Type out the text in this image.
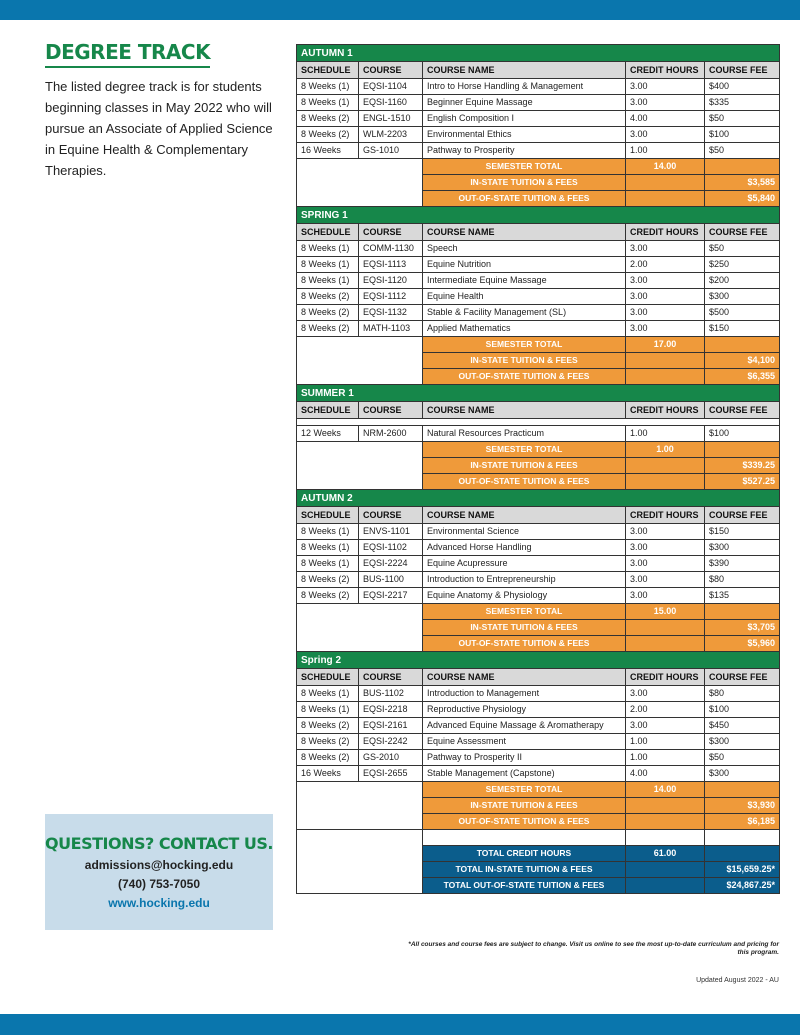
DEGREE TRACK
The listed degree track is for students beginning classes in May 2022 who will pursue an Associate of Applied Science in Equine Health & Complementary Therapies.
QUESTIONS? CONTACT US.
admissions@hocking.edu
(740) 753-7050
www.hocking.edu
AUTUMN 1				
SCHEDULE	COURSE	COURSE NAME	CREDIT HOURS	COURSE FEE
8 Weeks (1)	EQSI-1104	Intro to Horse Handling & Management	3.00	$400
8 Weeks (1)	EQSI-1160	Beginner Equine Massage	3.00	$335
8 Weeks (2)	ENGL-1510	English Composition I	4.00	$50
8 Weeks (2)	WLM-2203	Environmental Ethics	3.00	$100
16 Weeks	GS-1010	Pathway to Prosperity	1.00	$50
		SEMESTER TOTAL	14.00	
		IN-STATE TUITION & FEES		$3,585
		OUT-OF-STATE TUITION & FEES		$5,840
SPRING 1				
SCHEDULE	COURSE	COURSE NAME	CREDIT HOURS	COURSE FEE
8 Weeks (1)	COMM-1130	Speech	3.00	$50
8 Weeks (1)	EQSI-1113	Equine Nutrition	2.00	$250
8 Weeks (1)	EQSI-1120	Intermediate Equine Massage	3.00	$200
8 Weeks (2)	EQSI-1112	Equine Health	3.00	$300
8 Weeks (2)	EQSI-1132	Stable & Facility Management (SL)	3.00	$500
8 Weeks (2)	MATH-1103	Applied Mathematics	3.00	$150
		SEMESTER TOTAL	17.00	
		IN-STATE TUITION & FEES		$4,100
		OUT-OF-STATE TUITION & FEES		$6,355
SUMMER 1				
SCHEDULE	COURSE	COURSE NAME	CREDIT HOURS	COURSE FEE

12 Weeks	NRM-2600	Natural Resources Practicum	1.00	$100
		SEMESTER TOTAL	1.00	
		IN-STATE TUITION & FEES		$339.25
		OUT-OF-STATE TUITION & FEES		$527.25
AUTUMN 2				
SCHEDULE	COURSE	COURSE NAME	CREDIT HOURS	COURSE FEE
8 Weeks (1)	ENVS-1101	Environmental Science	3.00	$150
8 Weeks (1)	EQSI-1102	Advanced Horse Handling	3.00	$300
8 Weeks (1)	EQSI-2224	Equine Acupressure	3.00	$390
8 Weeks (2)	BUS-1100	Introduction to Entrepreneurship	3.00	$80
8 Weeks (2)	EQSI-2217	Equine Anatomy & Physiology	3.00	$135
		SEMESTER TOTAL	15.00	
		IN-STATE TUITION & FEES		$3,705
		OUT-OF-STATE TUITION & FEES		$5,960
Spring 2				
SCHEDULE	COURSE	COURSE NAME	CREDIT HOURS	COURSE FEE
8 Weeks (1)	BUS-1102	Introduction to Management	3.00	$80
8 Weeks (1)	EQSI-2218	Reproductive Physiology	2.00	$100
8 Weeks (2)	EQSI-2161	Advanced Equine Massage & Aromatherapy	3.00	$450
8 Weeks (2)	EQSI-2242	Equine Assessment	1.00	$300
8 Weeks (2)	GS-2010	Pathway to Prosperity II	1.00	$50
16 Weeks	EQSI-2655	Stable Management (Capstone)	4.00	$300
		SEMESTER TOTAL	14.00	
		IN-STATE TUITION & FEES		$3,930
		OUT-OF-STATE TUITION & FEES		$6,185

		TOTAL CREDIT HOURS	61.00	
		TOTAL IN-STATE TUITION & FEES		$15,659.25*
		TOTAL OUT-OF-STATE TUITION & FEES		$24,867.25*
*All courses and course fees are subject to change. Visit us online to see the most up-to-date curriculum and pricing for this program.
Updated August 2022 - AU
